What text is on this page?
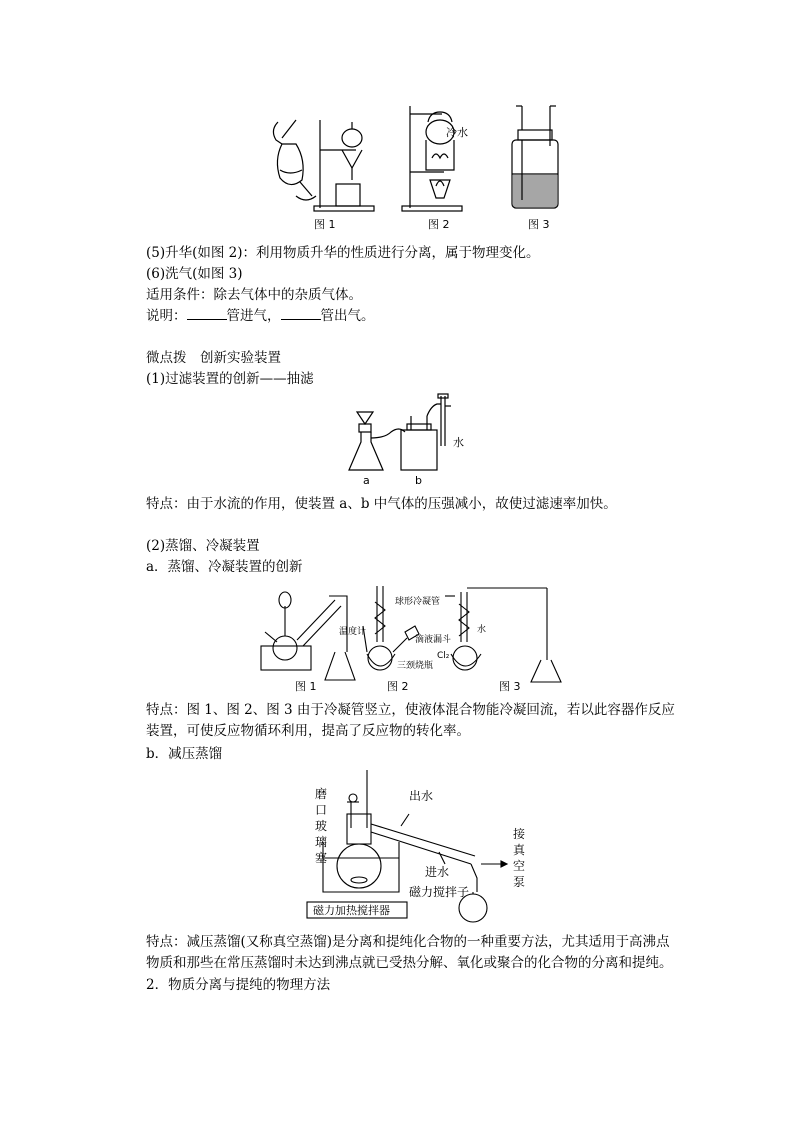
冷水
图 1	图 2	图 3
(5)升华(如图 2)：利用物质升华的性质进行分离，属于物理变化。
(6)洗气(如图 3)
适用条件：除去气体中的杂质气体。
说明：	管进气，	管出气。
微点拨　创新实验装置
(1)过滤装置的创新——抽滤
a	b
水
特点：由于水流的作用，使装置 a、b 中气体的压强减小，故使过滤速率加快。
(2)蒸馏、冷凝装置
a．蒸馏、冷凝装置的创新
球形冷凝管
温度计
滴液漏斗
三颈烧瓶
水
Cl₂
图 1	图 2	图 3
特点：图 1、图 2、图 3 由于冷凝管竖立，使液体混合物能冷凝回流，若以此容器作反应装置，可使反应物循环利用，提高了反应物的转化率。
b．减压蒸馏
磨
口
玻
璃
塞
出水
进水
磁力搅拌子
接
真
空
泵
磁力加热搅拌器
特点：减压蒸馏(又称真空蒸馏)是分离和提纯化合物的一种重要方法，尤其适用于高沸点物质和那些在常压蒸馏时未达到沸点就已受热分解、氧化或聚合的化合物的分离和提纯。
2．物质分离与提纯的物理方法
